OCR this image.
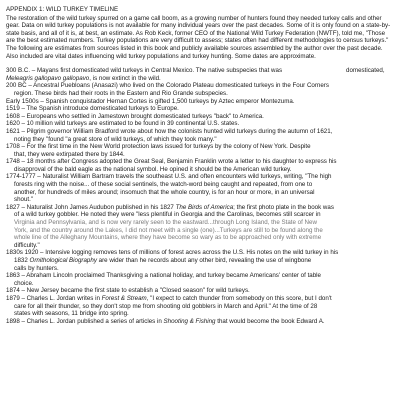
APPENDIX 1: WILD TURKEY TIMELINE

The restoration of the wild turkey spurred on a game call boom, as a growing number of hunters found they needed turkey calls and other gear. Data on wild turkey populations is not available for many individual years over the past decades. Some of it is only found on a state-by-state basis, and all of it is, at best, an estimate. As Rob Keck, former CEO of the National Wild Turkey Federation (NWTF), told me, "Those are the best estimated numbers. Turkey populations are very difficult to assess; states often had different methodologies to census turkeys." The following are estimates from sources listed in this book and publicly available sources assembled by the author over the past decade. Also included are vital dates influencing wild turkey populations and turkey hunting. Some dates are approximate.

300 B.C. – Mayans first domesticated wild turkeys in Central Mexico. The native subspecies that was	domesticated,
Meleagris gallopavo gallopavo, is now extinct in the wild.

200 BC – Ancestral Puebloans (Anasazi) who lived on the Colorado Plateau domesticated turkeys in the Four Corners
region. These birds had their roots in the Eastern and Rio Grande subspecies.

Early 1500s – Spanish conquistador Hernan Cortes is gifted 1,500 turkeys by Aztec emperor Montezuma.

1519 – The Spanish introduce domesticated turkeys to Europe.

1608 – Europeans who settled in Jamestown brought domesticated turkeys "back" to America.

1620 – 10 million wild turkeys are estimated to be found in 39 continental U.S. states.

1621 – Pilgrim governor William Bradford wrote about how the colonists hunted wild turkeys during the autumn of 1621,
noting they "found "a great store of wild turkeys, of which they took many."

1708 – For the first time in the New World protection laws issued for turkeys by the colony of New York. Despite
that, they were extirpated there by 1844.

1748 – 18 months after Congress adopted the Great Seal, Benjamin Franklin wrote a letter to his daughter to express his
disapproval of the bald eagle as the national symbol. He opined it should be the American wild turkey.

1774-1777 – Naturalist William Bartram travels the southeast U.S. and often encounters wild turkeys, writing, "The high
forests ring with the noise... of these social sentinels, the watch-word being caught and repeated, from one to
another, for hundreds of miles around; insomuch that the whole country, is for an hour or more, in an universal
shout."

1827 – Naturalist John James Audubon published in his 1827 The Birds of America; the first photo plate in the book was
of a wild turkey gobbler. He noted they were "less plentiful in Georgia and the Carolinas, becomes still scarcer in
Virginia and Pennsylvania, and is now very rarely seen to the eastward...through Long Island, the State of New
York, and the country around the Lakes, I did not meet with a single (one)...Turkeys are still to be found along the
whole line of the Alleghany Mountains, where they have become so wary as to be approached only with extreme
difficulty."

1830s 1920 – Intensive logging removes tens of millions of forest acres across the U.S. His notes on the wild turkey in his
1832 Ornithological Biography are wider than he records about any other bird, revealing the use of wingbone
calls by hunters.

1863 – Abraham Lincoln proclaimed Thanksgiving a national holiday, and turkey became Americans' center of table
choice.

1874 – New Jersey became the first state to establish a "Closed season" for wild turkeys.

1879 – Charles L. Jordan writes in Forest & Stream, "I expect to catch thunder from somebody on this score, but I don't
care for all their thunder, so they don't stop me from shooting old gobblers in March and April." At the time of 28
states with seasons, 11 bridge into spring.

1898 – Charles L. Jordan published a series of articles in Shooting & Fishing that would become the book Edward A.
